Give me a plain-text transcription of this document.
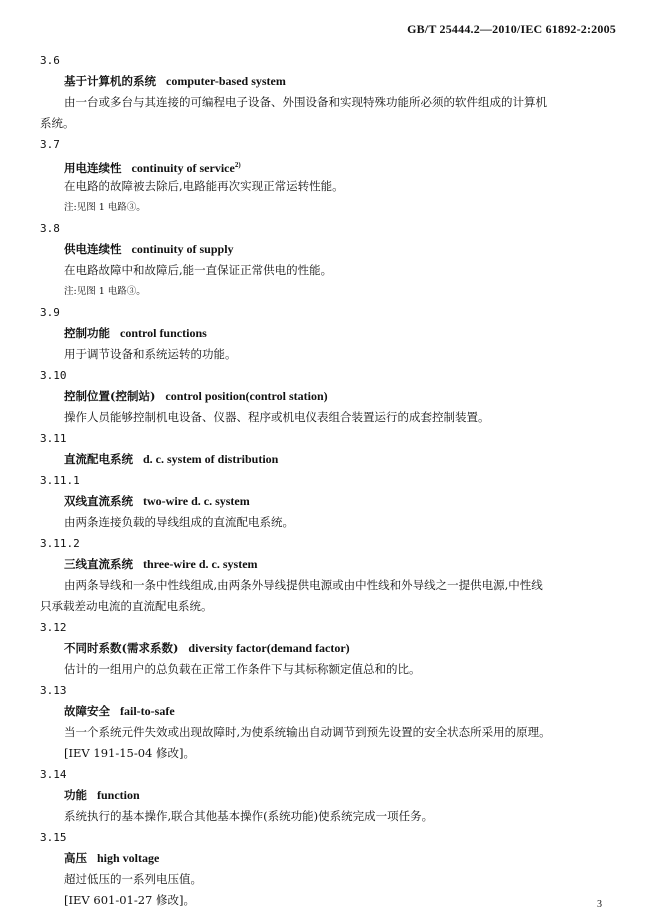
GB/T 25444.2—2010/IEC 61892-2:2005
3.6
基于计算机的系统 computer-based system
由一台或多台与其连接的可编程电子设备、外围设备和实现特殊功能所必须的软件组成的计算机
系统。
3.7
用电连续性 continuity of service$^{2)}$
在电路的故障被去除后,电路能再次实现正常运转性能。
注:见图 1 电路③。
3.8
供电连续性 continuity of supply
在电路故障中和故障后,能一直保证正常供电的性能。
注:见图 1 电路③。
3.9
控制功能 control functions
用于调节设备和系统运转的功能。
3.10
控制位置(控制站) control position(control station)
操作人员能够控制机电设备、仪器、程序或机电仪表组合装置运行的成套控制装置。
3.11
直流配电系统 d. c. system of distribution
3.11.1
双线直流系统 two-wire d. c. system
由两条连接负载的导线组成的直流配电系统。
3.11.2
三线直流系统 three-wire d. c. system
由两条导线和一条中性线组成,由两条外导线提供电源或由中性线和外导线之一提供电源,中性线
只承载差动电流的直流配电系统。
3.12
不同时系数(需求系数) diversity factor(demand factor)
估计的一组用户的总负载在正常工作条件下与其标称额定值总和的比。
3.13
故障安全 fail-to-safe
当一个系统元件失效或出现故障时,为使系统输出自动调节到预先设置的安全状态所采用的原理。
[IEV 191-15-04 修改]。
3.14
功能 function
系统执行的基本操作,联合其他基本操作(系统功能)使系统完成一项任务。
3.15
高压 high voltage
超过低压的一系列电压值。
[IEV 601-01-27 修改]。	3
